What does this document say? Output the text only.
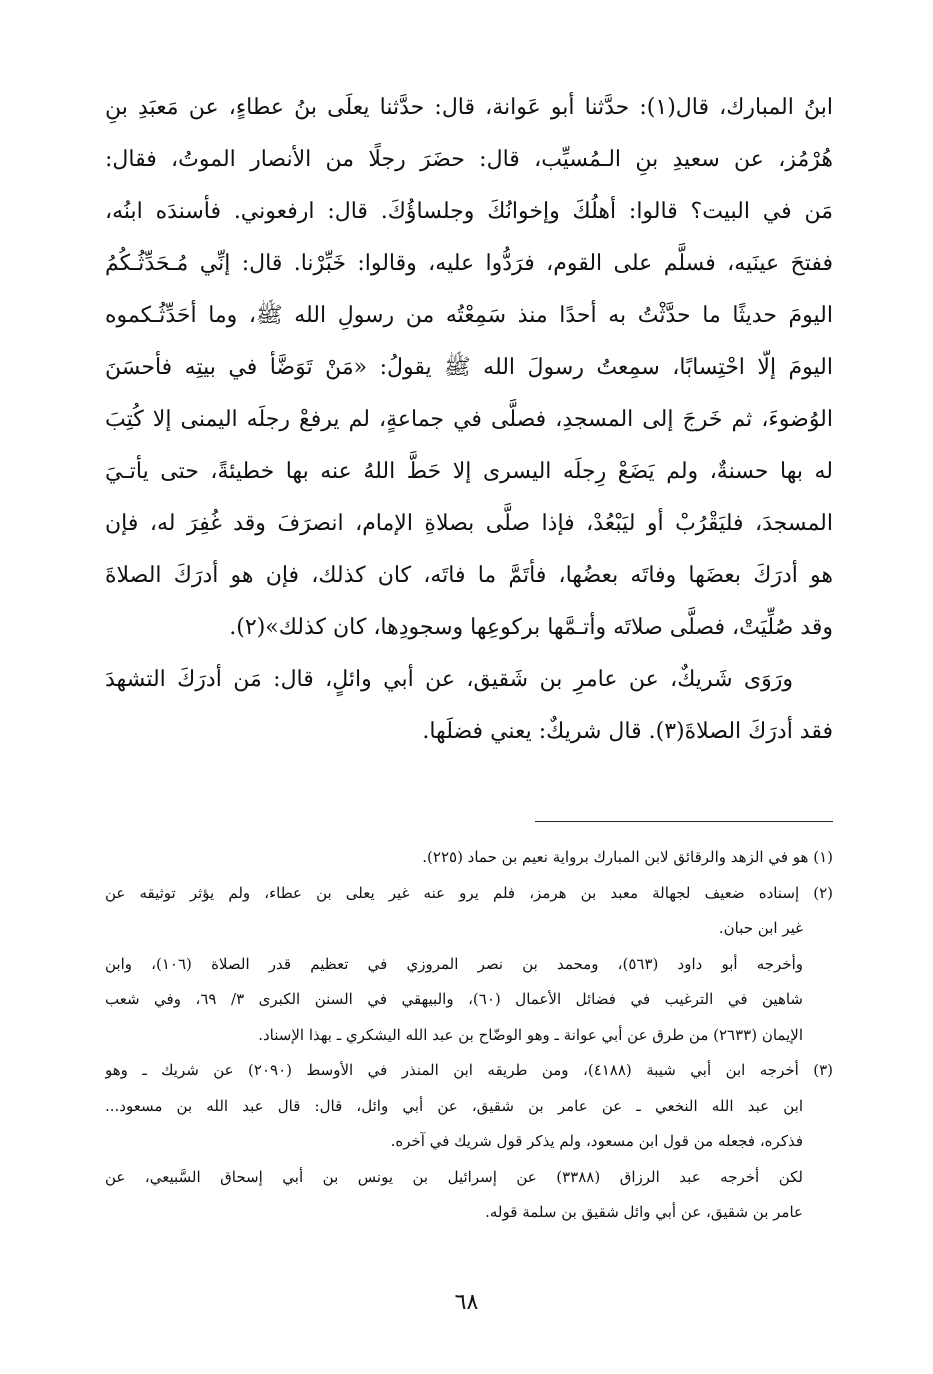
ابنُ المبارك، قال(١): حدَّثنا أبو عَوانة، قال: حدَّثنا يعلَى بنُ عطاءٍ، عن مَعبَدِ بنِ
هُرْمُز، عن سعيدِ بنِ الـمُسيِّب، قال: حضَرَ رجلًا من الأنصار الموتُ، فقال:
مَن في البيت؟ قالوا: أهلُكَ وإخوانُكَ وجلساؤُكَ. قال: ارفعوني. فأسندَه ابنُه،
ففتحَ عينَيه، فسلَّم على القوم، فرَدُّوا عليه، وقالوا: خَبِّرْنا. قال: إنِّي مُـحَدِّثُـكُمُ
اليومَ حديثًا ما حدَّثْتُ به أحدًا منذ سَمِعْتُه من رسولِ الله ﷺ، وما أحَدِّثُـكموه
اليومَ إلّا احْتِسابًا، سمِعتُ رسولَ الله ﷺ يقولُ: «مَنْ تَوَضَّأ في بيتِه فأحسَنَ
الوُضوءَ، ثم خَرجَ إلى المسجدِ، فصلَّى في جماعةٍ، لم يرفعْ رجلَه اليمنى إلا كُتِبَ
له بها حسنةٌ، ولم يَضَعْ رِجلَه اليسرى إلا حَطَّ اللهُ عنه بها خطيئةً، حتى يأتـيَ
المسجدَ، فليَقْرُبْ أو ليَبْعُدْ، فإذا صلَّى بصلاةِ الإمام، انصرَفَ وقد غُفِرَ له، فإن
هو أدرَكَ بعضَها وفاتَه بعضُها، فأتَمَّ ما فاتَه، كان كذلك، فإن هو أدرَكَ الصلاةَ
وقد صُلِّيَتْ، فصلَّى صلاتَه وأتـمَّها بركوعِها وسجودِها، كان كذلك»(٢).
ورَوَى شَريكٌ، عن عامرِ بن شَقيق، عن أبي وائلٍ، قال: مَن أدرَكَ التشهدَ
فقد أدرَكَ الصلاةَ(٣). قال شريكٌ: يعني فضلَها.
(١) هو في الزهد والرقائق لابن المبارك برواية نعيم بن حماد (٢٢٥).
(٢) إسناده ضعيف لجهالة معبد بن هرمز، فلم يرو عنه غير يعلى بن عطاء، ولم يؤثر توثيقه عن
غير ابن حبان.
وأخرجه أبو داود (٥٦٣)، ومحمد بن نصر المروزي في تعظيم قدر الصلاة (١٠٦)، وابن
شاهين في الترغيب في فضائل الأعمال (٦٠)، والبيهقي في السنن الكبرى ٣/ ٦٩، وفي شعب
الإيمان (٢٦٣٣) من طرق عن أبي عوانة ـ وهو الوضّاح بن عبد الله اليشكري ـ بهذا الإسناد.
(٣) أخرجه ابن أبي شيبة (٤١٨٨)، ومن طريقه ابن المنذر في الأوسط (٢٠٩٠) عن شريك ـ وهو
ابن عبد الله النخعي ـ عن عامر بن شقيق، عن أبي وائل، قال: قال عبد الله بن مسعود...
فذكره، فجعله من قول ابن مسعود، ولم يذكر قول شريك في آخره.
لكن أخرجه عبد الرزاق (٣٣٨٨) عن إسرائيل بن يونس بن أبي إسحاق السَّبيعي، عن
عامر بن شقيق، عن أبي وائل شقيق بن سلمة قوله.
٦٨
